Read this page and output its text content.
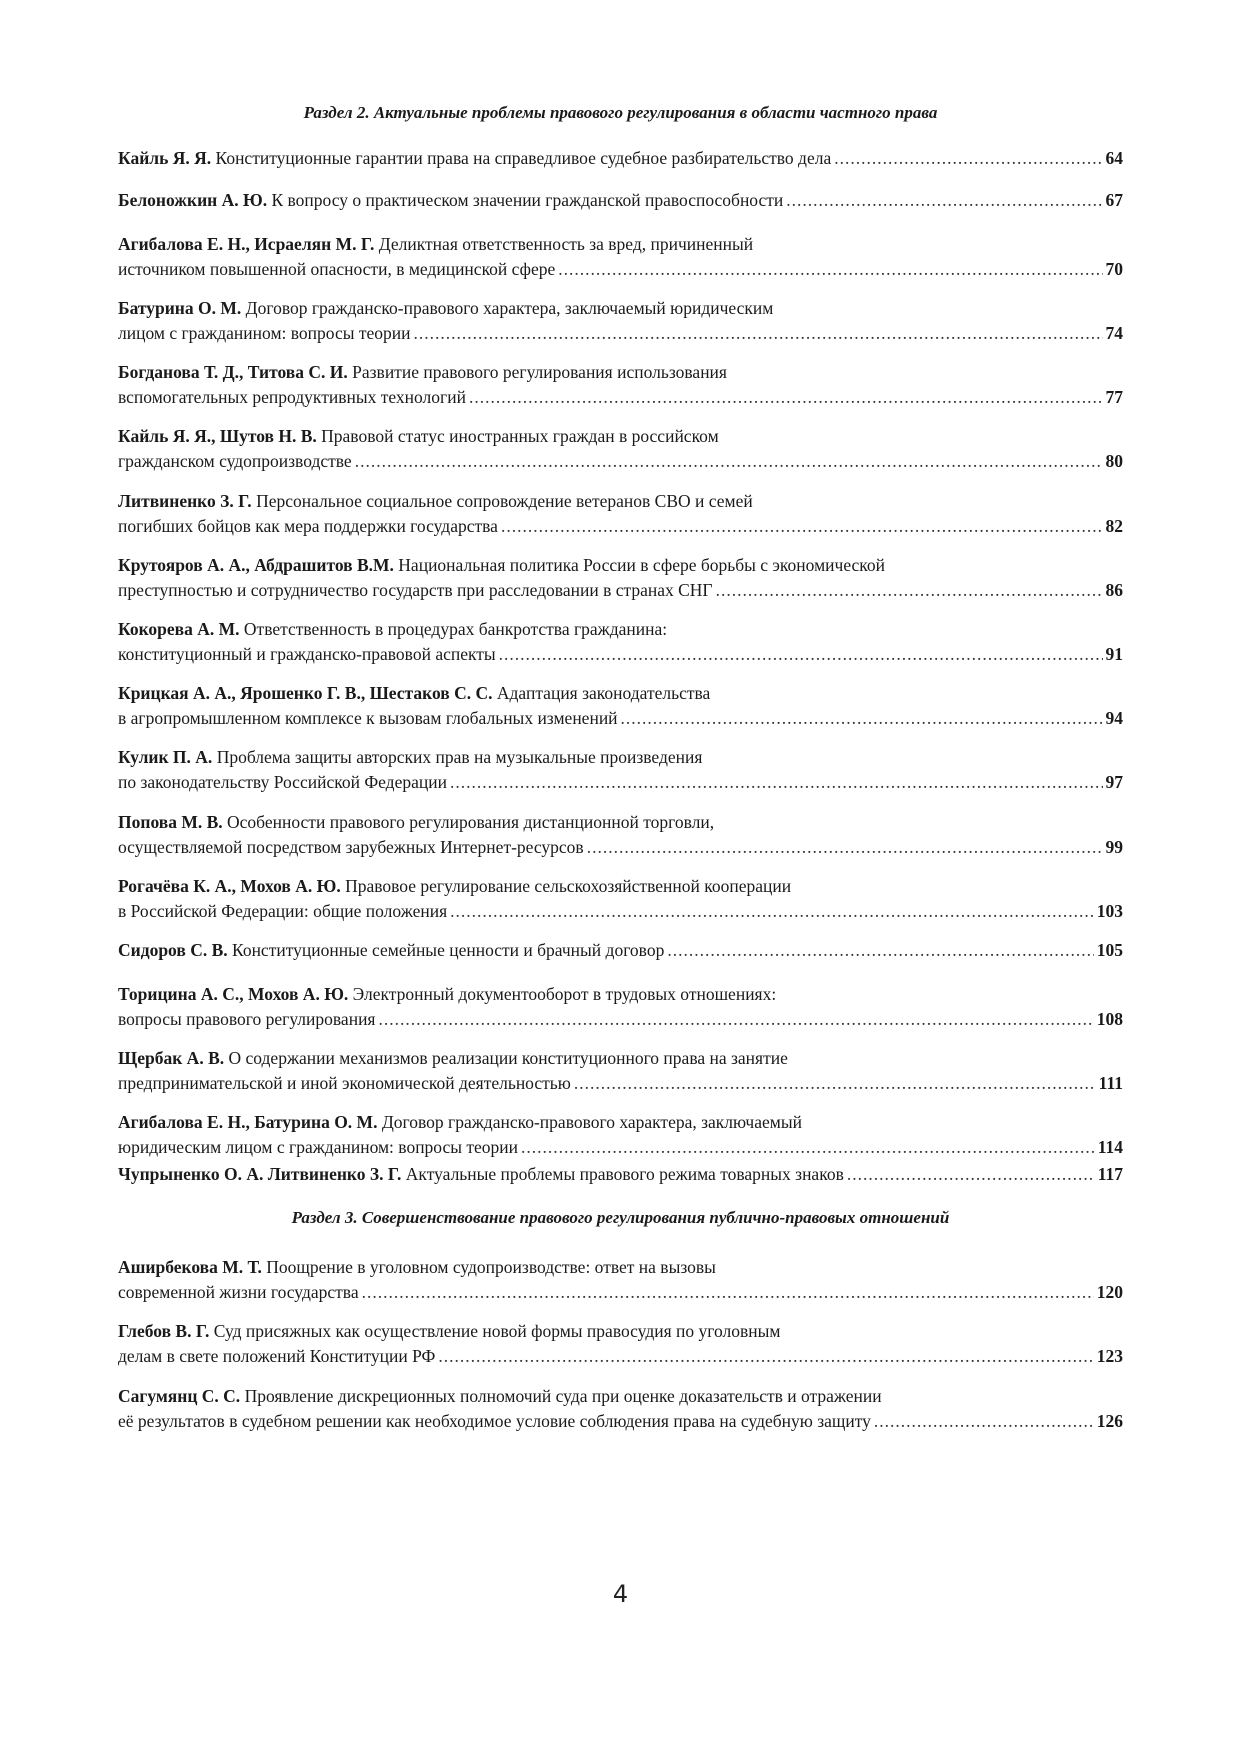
Раздел 2. Актуальные проблемы правового регулирования в области частного права
Кайль Я. Я.
Конституционные гарантии права на справедливое судебное разбирательство дела .....	64
Белоножкин А. Ю.
К вопросу о практическом значении гражданской правоспособности .....	67
Агибалова Е. Н., Исраелян М. Г.
Деликтная ответственность за вред, причиненный
источником повышенной опасности, в медицинской сфере .....	70
Батурина О. М.
Договор гражданско-правового характера, заключаемый юридическим
лицом с гражданином: вопросы теории .....	74
Богданова Т. Д., Титова С. И.
Развитие правового регулирования использования
вспомогательных репродуктивных технологий .....	77
Кайль Я. Я., Шутов Н. В.
Правовой статус иностранных граждан в российском
гражданском судопроизводстве .....	80
Литвиненко З. Г.
Персональное социальное сопровождение ветеранов СВО и семей
погибших бойцов как мера поддержки государства .....	82
Крутояров А. А., Абдрашитов В.М.
Национальная политика России в сфере борьбы с экономической
преступностью и сотрудничество государств при расследовании в странах СНГ .....	86
Кокорева А. М.
Ответственность в процедурах банкротства гражданина:
конституционный и гражданско-правовой аспекты .....	91
Крицкая А. А., Ярошенко Г. В., Шестаков С. С.
Адаптация законодательства
в агропромышленном комплексе к вызовам глобальных изменений .....	94
Кулик П. А.
Проблема защиты авторских прав на музыкальные произведения
по законодательству Российской Федерации .....	97
Попова М. В.
Особенности правового регулирования дистанционной торговли,
осуществляемой посредством зарубежных Интернет-ресурсов .....	99
Рогачёва К. А., Мохов А. Ю.
Правовое регулирование сельскохозяйственной кооперации
в Российской Федерации: общие положения .....	103
Сидоров С. В.
Конституционные семейные ценности и брачный договор .....	105
Торицина А. С., Мохов А. Ю.
Электронный документооборот в трудовых отношениях:
вопросы правового регулирования .....	108
Щербак А. В.
О содержании механизмов реализации конституционного права на занятие
предпринимательской и иной экономической деятельностью .....	111
Агибалова Е. Н., Батурина О. М.
Договор гражданско-правового характера, заключаемый
юридическим лицом с гражданином: вопросы теории .....	114
Чупрыненко О. А. Литвиненко З. Г.
Актуальные проблемы правового режима товарных знаков .....	117
Раздел 3. Совершенствование правового регулирования публично-правовых отношений
Аширбекова М. Т.
Поощрение в уголовном судопроизводстве: ответ на вызовы
современной жизни государства .....	120
Глебов В. Г.
Суд присяжных как осуществление новой формы правосудия по уголовным
делам в свете положений Конституции РФ .....	123
Сагумянц С. С.
Проявление дискреционных полномочий суда при оценке доказательств и отражении
её результатов в судебном решении как необходимое условие соблюдения права на судебную защиту .....	126
4
